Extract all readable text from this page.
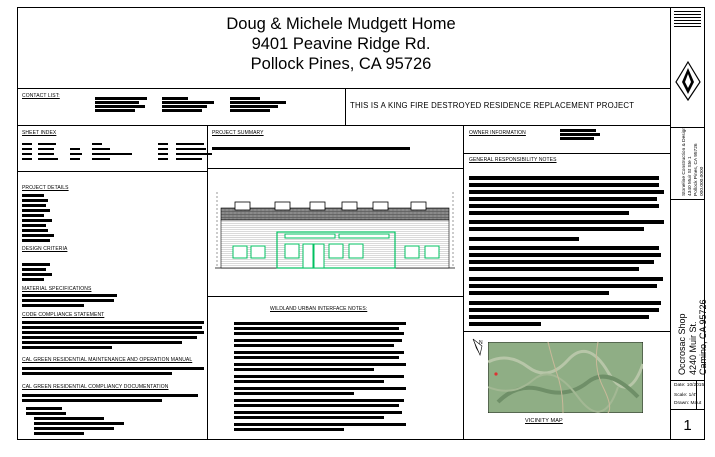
Doug & Michele Mudgett Home
9401 Peavine Ridge Rd.
Pollock Pines, CA 95726
CONTACT LIST:
THIS IS A KING FIRE DESTROYED RESIDENCE REPLACEMENT PROJECT
SHEET INDEX	PROJECT SUMMARY	OWNER INFORMATION
GENERAL RESPONSIBILITY NOTES
PROJECT DETAILS
DESIGN CRITERIA
MATERIAL SPECIFICATIONS
CODE COMPLIANCE STATEMENT
CAL GREEN RESIDENTIAL MAINTENANCE AND OPERATION MANUAL
CAL GREEN RESIDENTIAL COMPLIANCY DOCUMENTATION
WILDLAND URBAN INTERFACE NOTES:
N
VICINITY MAP
Stoneline Construction & Design 4340 Muir St Ste 1 Pollock Pines, CA 95726 000.000.0000
Occrosac Shop 4240 Muir St. Camino, CA 95726
Date: 10/2015
Scale: 1/4"
Drawn: Maut
1
